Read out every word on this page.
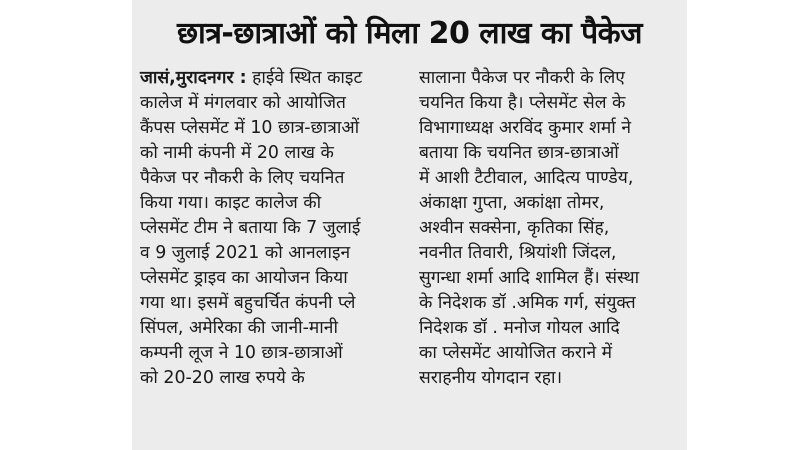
छात्र-छात्राओं को मिला 20 लाख का पैकेज
जासं,मुरादनगर : हाईवे स्थित काइट
कालेज में मंगलवार को आयोजित
कैंपस प्लेसमेंट में 10 छात्र-छात्राओं
को नामी कंपनी में 20 लाख के
पैकेज पर नौकरी के लिए चयनित
किया गया। काइट कालेज की
प्लेसमेंट टीम ने बताया कि 7 जुलाई
व 9 जुलाई 2021 को आनलाइन
प्लेसमेंट ड्राइव का आयोजन किया
गया था। इसमें बहुचर्चित कंपनी प्ले
सिंपल, अमेरिका की जानी-मानी
कम्पनी लूज ने 10 छात्र-छात्राओं
को 20-20 लाख रुपये के
सालाना पैकेज पर नौकरी के लिए
चयनित किया है। प्लेसमेंट सेल के
विभागाध्यक्ष अरविंद कुमार शर्मा ने
बताया कि चयनित छात्र-छात्राओं
में आशी टैटीवाल, आदित्य पाण्डेय,
अंकाक्षा गुप्ता, अकांक्षा तोमर,
अश्वीन सक्सेना, कृतिका सिंह,
नवनीत तिवारी, श्रियांशी जिंदल,
सुगन्धा शर्मा आदि शामिल हैं। संस्था
के निदेशक डॉ .अमिक गर्ग, संयुक्त
निदेशक डॉ . मनोज गोयल आदि
का प्लेसमेंट आयोजित कराने में
सराहनीय योगदान रहा।
